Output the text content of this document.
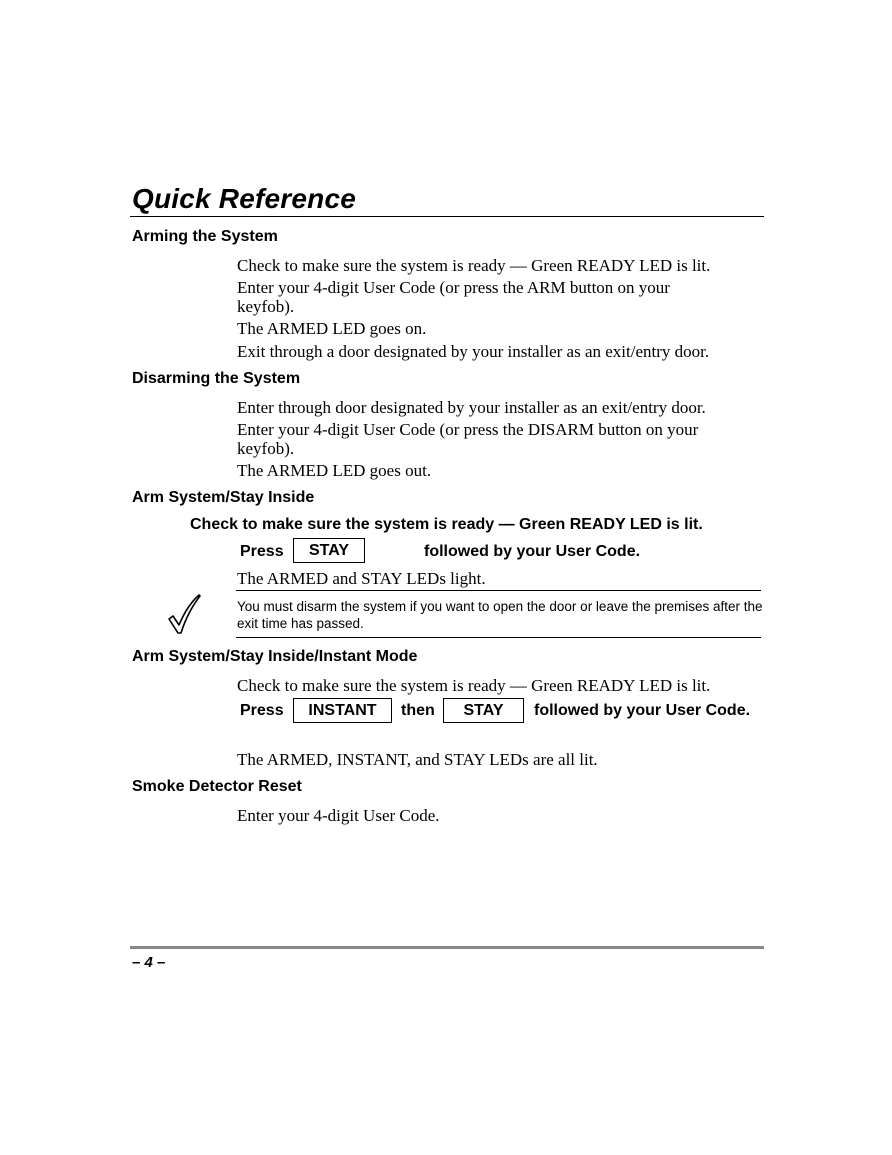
Quick Reference
Arming the System
Check to make sure the system is ready — Green READY LED is lit.
Enter your 4-digit User Code (or press the ARM button on your keyfob).
The ARMED LED goes on.
Exit through a door designated by your installer as an exit/entry door.
Disarming the System
Enter through door designated by your installer as an exit/entry door.
Enter your 4-digit User Code (or press the DISARM button on your keyfob).
The ARMED LED goes out.
Arm System/Stay Inside
Check to make sure the system is ready — Green READY LED is lit.
Press	STAY	followed by your User Code.
The ARMED and STAY LEDs light.
You must disarm the system if you want to open the door or leave the premises after the exit time has passed.
Arm System/Stay Inside/Instant Mode
Check to make sure the system is ready — Green READY LED is lit.
Press	INSTANT	then	STAY	followed by your User Code.
The ARMED, INSTANT, and STAY LEDs are all lit.
Smoke Detector Reset
Enter your 4-digit User Code.
– 4 –
